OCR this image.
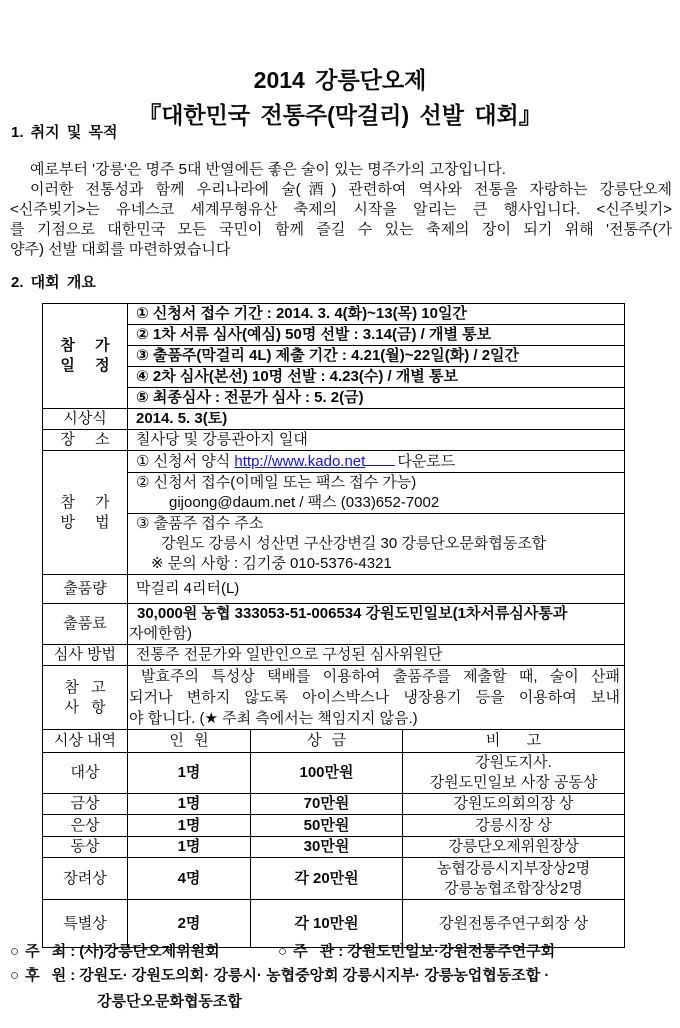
2014 강릉단오제
『대한민국 전통주(막걸리) 선발 대회』
1. 취지 및 목적
예로부터 '강릉'은 명주 5대 반열에든 좋은 술이 있는 명주가의 고장입니다.
이러한 전통성과 함께 우리나라에 술(酒) 관련하여 역사와 전통을 자랑하는 강릉단오제
<신주빚기>는 유네스코 세계무형유산 축제의 시작을 알리는 큰 행사입니다. <신주빚기>
를 기점으로 대한민국 모든 국민이 함께 즐길 수 있는 축제의 장이 되기 위해 '전통주(가
양주) 선발 대회를 마련하였습니다
2. 대회 개요
참 가
일 정	① 신청서 접수 기간 : 2014. 3. 4(화)~13(목) 10일간		
	② 1차 서류 심사(예심) 50명 선발 : 3.14(금) / 개별 통보		
	③ 출품주(막걸리 4L) 제출 기간 : 4.21(월)~22일(화) / 2일간		
	④ 2차 심사(본선) 10명 선발 : 4.23(수) / 개별 통보		
	⑤ 최종심사 : 전문가 심사 : 5. 2(금)		
시상식	2014. 5. 3(토)		

장 소	칠사당 및 강릉관아지 일대		

참 가
방 법	① 신청서 양식 http://www.kado.net 다운로드		

	② 신청서 접수(이메일 또는 팩스 접수 가능)
gijoong@daum.net / 팩스 (033)652-7002		

	③ 출품주 접수 주소
강원도 강릉시 성산면 구산강변길 30 강릉단오문화협동조합
※ 문의 사항 : 김기중 010-5376-4321		

출품량	막걸리 4리터(L)		
출품료	30,000원 농협 333053-51-006534 강원도민일보(1차서류심사통과
자에한함)		

심사 방법	전통주 전문가와 일반인으로 구성된 심사위원단		

참 고
사 항	발효주의 특성상 택배를 이용하여 출품주를 제출할 때, 술이 산패
되거나 변하지 않도록 아이스박스나 냉장용기 등을 이용하여 보내
야 합니다. (★ 주최 측에서는 책임지지 않음.)		

시상 내역	인 원	상 금	비 고
대상	1명	100만원	강원도지사.
강원도민일보 사장 공동상

금상	1명	70만원	강원도의회의장 상

은상	1명	50만원	강릉시장 상

동상	1명	30만원	강릉단오제위원장상

장려상	4명	각 20만원	농협강릉시지부장상2명
강릉농협조합장상2명

특별상	2명	각 10만원	강원전통주연구회장 상
○ 주 최 : (사)강릉단오제위원회	○ 주 관 : 강원도민일보·강원전통주연구회
○ 후 원 : 강원도· 강원도의회· 강릉시· 농협중앙회 강릉시지부· 강릉농업협동조합 ·
강릉단오문화협동조합
